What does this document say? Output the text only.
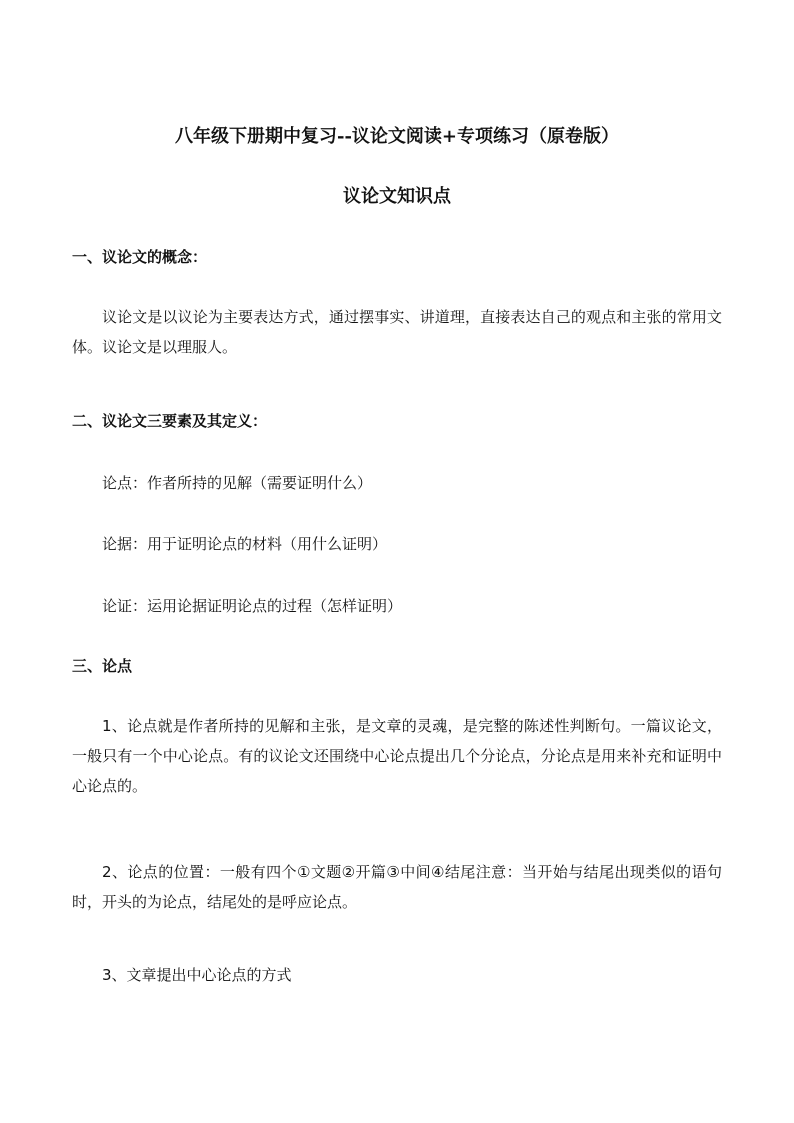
八年级下册期中复习--议论文阅读+专项练习（原卷版）
议论文知识点
一、议论文的概念：
议论文是以议论为主要表达方式，通过摆事实、讲道理，直接表达自己的观点和主张的常用文体。议论文是以理服人。
二、议论文三要素及其定义：
论点：作者所持的见解（需要证明什么）
论据：用于证明论点的材料（用什么证明）
论证：运用论据证明论点的过程（怎样证明）
三、论点
1、论点就是作者所持的见解和主张，是文章的灵魂，是完整的陈述性判断句。一篇议论文，一般只有一个中心论点。有的议论文还围绕中心论点提出几个分论点，分论点是用来补充和证明中心论点的。
2、论点的位置：一般有四个①文题②开篇③中间④结尾注意：当开始与结尾出现类似的语句时，开头的为论点，结尾处的是呼应论点。
3、文章提出中心论点的方式
